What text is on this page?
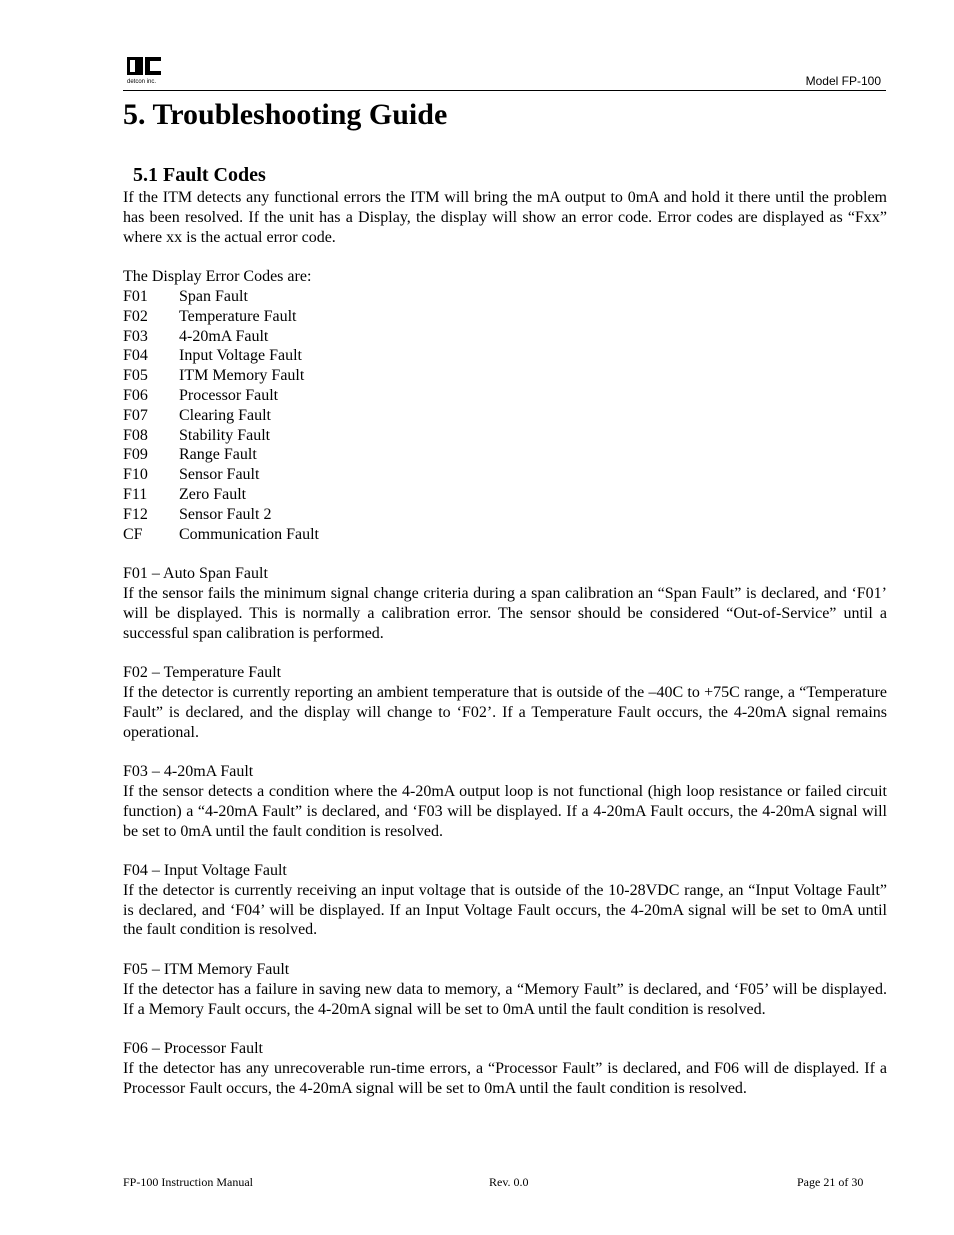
detcon inc.	Model FP-100
5. Troubleshooting Guide
5.1 Fault Codes

If the ITM detects any functional errors the ITM will bring the mA output to 0mA and hold it there until the problem has been resolved. If the unit has a Display, the display will show an error code. Error codes are displayed as “Fxx” where xx is the actual error code.

The Display Error Codes are:
F01	Span Fault
F02	Temperature Fault
F03	4-20mA Fault
F04	Input Voltage Fault
F05	ITM Memory Fault
F06	Processor Fault
F07	Clearing Fault
F08	Stability Fault
F09	Range Fault
F10	Sensor Fault
F11	Zero Fault
F12	Sensor Fault 2
CF	Communication Fault
F01 – Auto Span Fault

If the sensor fails the minimum signal change criteria during a span calibration an “Span Fault” is declared, and ‘F01’ will be displayed. This is normally a calibration error. The sensor should be considered “Out-of-Service” until a successful span calibration is performed.

F02 – Temperature Fault

If the detector is currently reporting an ambient temperature that is outside of the –40C to +75C range, a “Temperature Fault” is declared, and the display will change to ‘F02’. If a Temperature Fault occurs, the 4-20mA signal remains operational.

F03 – 4-20mA Fault

If the sensor detects a condition where the 4-20mA output loop is not functional (high loop resistance or failed circuit function) a “4-20mA Fault” is declared, and ‘F03 will be displayed. If a 4-20mA Fault occurs, the 4-20mA signal will be set to 0mA until the fault condition is resolved.

F04 – Input Voltage Fault

If the detector is currently receiving an input voltage that is outside of the 10-28VDC range, an “Input Voltage Fault” is declared, and ‘F04’ will be displayed. If an Input Voltage Fault occurs, the 4-20mA signal will be set to 0mA until the fault condition is resolved.

F05 – ITM Memory Fault

If the detector has a failure in saving new data to memory, a “Memory Fault” is declared, and ‘F05’ will be displayed. If a Memory Fault occurs, the 4-20mA signal will be set to 0mA until the fault condition is resolved.

F06 – Processor Fault

If the detector has any unrecoverable run-time errors, a “Processor Fault” is declared, and F06 will de displayed. If a Processor Fault occurs, the 4-20mA signal will be set to 0mA until the fault condition is resolved.

FP-100 Instruction Manual	Rev. 0.0	Page 21 of 30
